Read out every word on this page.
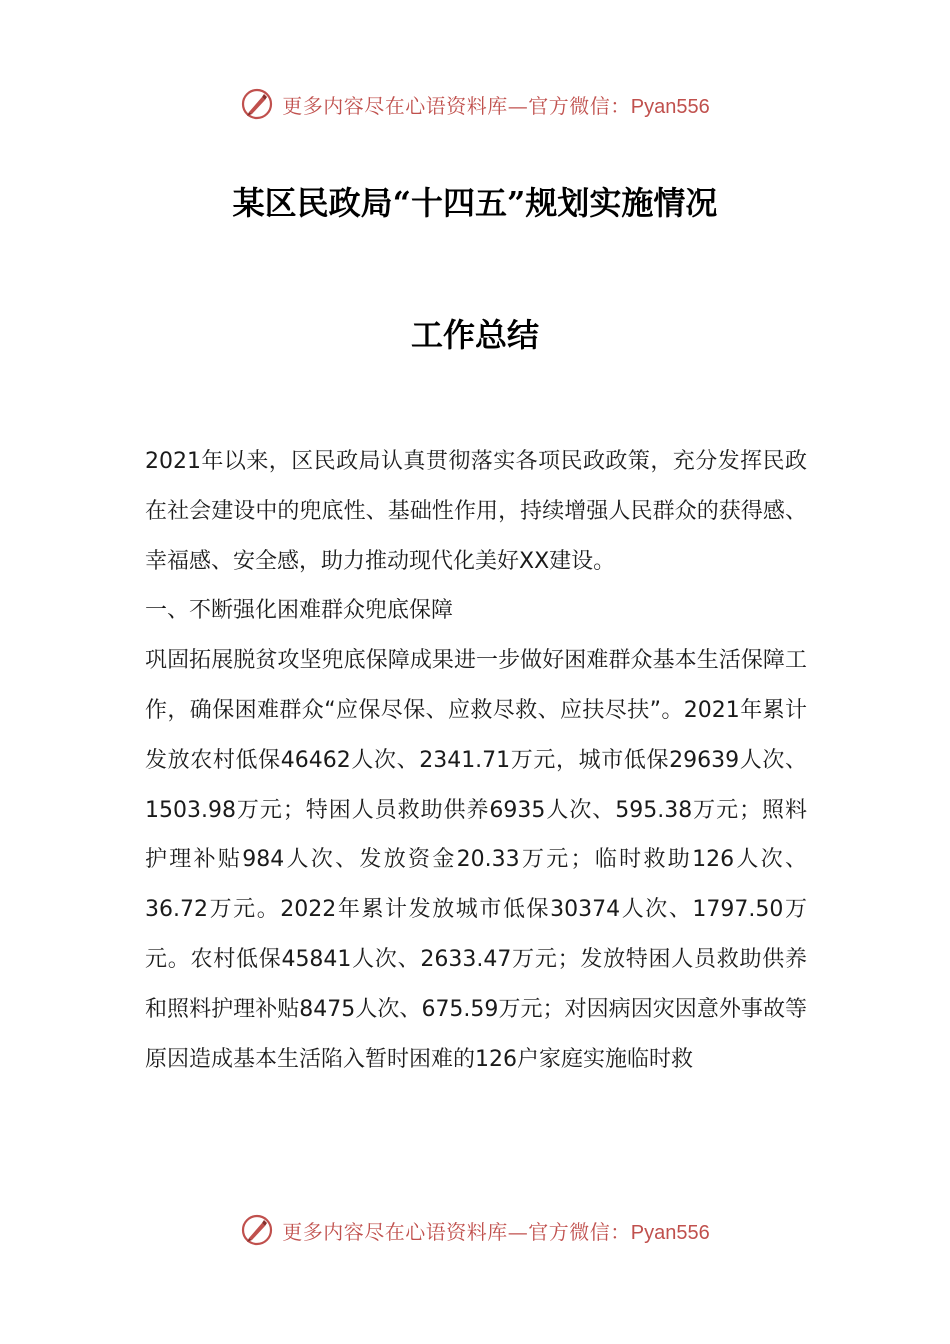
更多内容尽在心语资料库—官方微信：Pyan556
某区民政局“十四五”规划实施情况
工作总结

2021年以来，区民政局认真贯彻落实各项民政政策，充分发挥民政在社会建设中的兜底性、基础性作用，持续增强人民群众的获得感、幸福感、安全感，助力推动现代化美好XX建设。

一、不断强化困难群众兜底保障

巩固拓展脱贫攻坚兜底保障成果进一步做好困难群众基本生活保障工作，确保困难群众“应保尽保、应救尽救、应扶尽扶”。2021年累计发放农村低保46462人次、2341.71万元，城市低保29639人次、1503.98万元；特困人员救助供养6935人次、595.38万元；照料护理补贴984人次、发放资金20.33万元；临时救助126人次、36.72万元。2022年累计发放城市低保30374人次、1797.50万元。农村低保45841人次、2633.47万元；发放特困人员救助供养和照料护理补贴8475人次、675.59万元；对因病因灾因意外事故等原因造成基本生活陷入暂时困难的126户家庭实施临时救

更多内容尽在心语资料库—官方微信：Pyan556
